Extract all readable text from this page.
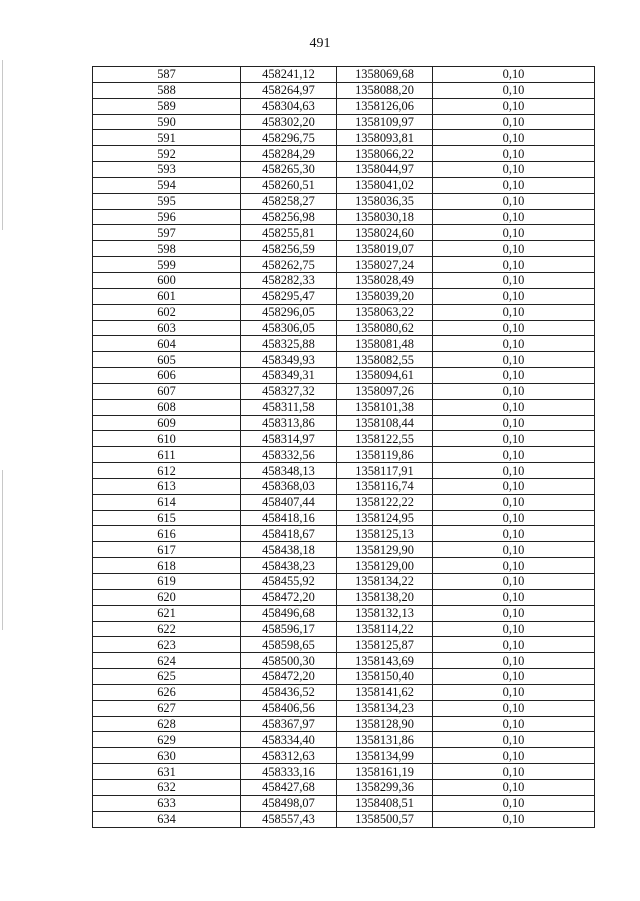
491
587	458241,12	1358069,68	0,10
588	458264,97	1358088,20	0,10
589	458304,63	1358126,06	0,10
590	458302,20	1358109,97	0,10
591	458296,75	1358093,81	0,10
592	458284,29	1358066,22	0,10
593	458265,30	1358044,97	0,10
594	458260,51	1358041,02	0,10
595	458258,27	1358036,35	0,10
596	458256,98	1358030,18	0,10
597	458255,81	1358024,60	0,10
598	458256,59	1358019,07	0,10
599	458262,75	1358027,24	0,10
600	458282,33	1358028,49	0,10
601	458295,47	1358039,20	0,10
602	458296,05	1358063,22	0,10
603	458306,05	1358080,62	0,10
604	458325,88	1358081,48	0,10
605	458349,93	1358082,55	0,10
606	458349,31	1358094,61	0,10
607	458327,32	1358097,26	0,10
608	458311,58	1358101,38	0,10
609	458313,86	1358108,44	0,10
610	458314,97	1358122,55	0,10
611	458332,56	1358119,86	0,10
612	458348,13	1358117,91	0,10
613	458368,03	1358116,74	0,10
614	458407,44	1358122,22	0,10
615	458418,16	1358124,95	0,10
616	458418,67	1358125,13	0,10
617	458438,18	1358129,90	0,10
618	458438,23	1358129,00	0,10
619	458455,92	1358134,22	0,10
620	458472,20	1358138,20	0,10
621	458496,68	1358132,13	0,10
622	458596,17	1358114,22	0,10
623	458598,65	1358125,87	0,10
624	458500,30	1358143,69	0,10
625	458472,20	1358150,40	0,10
626	458436,52	1358141,62	0,10
627	458406,56	1358134,23	0,10
628	458367,97	1358128,90	0,10
629	458334,40	1358131,86	0,10
630	458312,63	1358134,99	0,10
631	458333,16	1358161,19	0,10
632	458427,68	1358299,36	0,10
633	458498,07	1358408,51	0,10
634	458557,43	1358500,57	0,10
